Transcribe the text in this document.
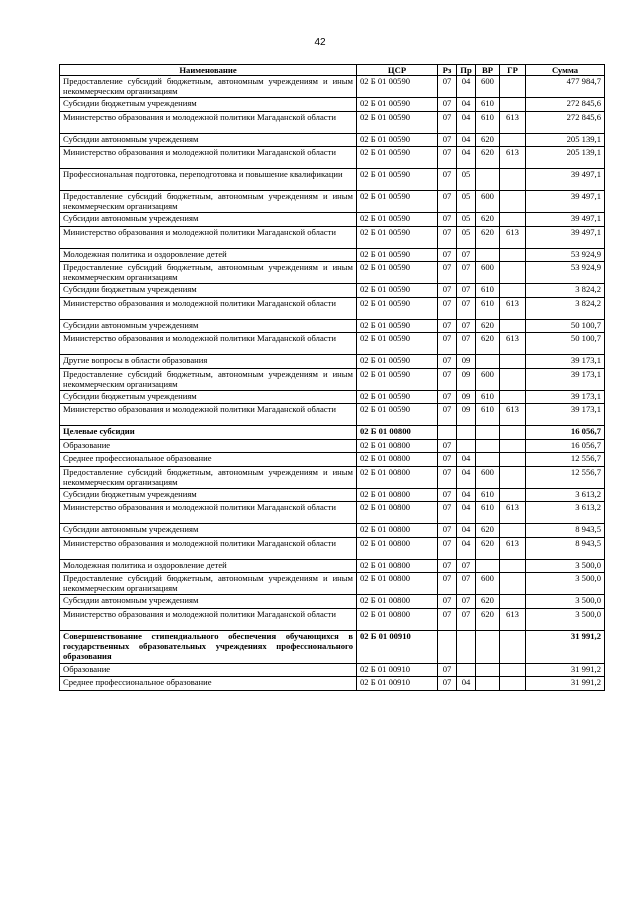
42
Наименование	ЦСР	Рз	Пр	ВР	ГР	Сумма
Предоставление субсидий бюджетным, автономным учреждениям и иным некоммерческим организациям	02 Б 01 00590	07	04	600		477 984,7
Субсидии бюджетным учреждениям	02 Б 01 00590	07	04	610		272 845,6
Министерство образования и молодежной политики Магаданской области	02 Б 01 00590	07	04	610	613	272 845,6
Субсидии автономным учреждениям	02 Б 01 00590	07	04	620		205 139,1
Министерство образования и молодежной политики Магаданской области	02 Б 01 00590	07	04	620	613	205 139,1
Профессиональная подготовка, переподготовка и повышение квалификации	02 Б 01 00590	07	05			39 497,1
Предоставление субсидий бюджетным, автономным учреждениям и иным некоммерческим организациям	02 Б 01 00590	07	05	600		39 497,1
Субсидии автономным учреждениям	02 Б 01 00590	07	05	620		39 497,1
Министерство образования и молодежной политики Магаданской области	02 Б 01 00590	07	05	620	613	39 497,1
Молодежная политика и оздоровление детей	02 Б 01 00590	07	07			53 924,9
Предоставление субсидий бюджетным, автономным учреждениям и иным некоммерческим организациям	02 Б 01 00590	07	07	600		53 924,9
Субсидии бюджетным учреждениям	02 Б 01 00590	07	07	610		3 824,2
Министерство образования и молодежной политики Магаданской области	02 Б 01 00590	07	07	610	613	3 824,2
Субсидии автономным учреждениям	02 Б 01 00590	07	07	620		50 100,7
Министерство образования и молодежной политики Магаданской области	02 Б 01 00590	07	07	620	613	50 100,7
Другие вопросы в области образования	02 Б 01 00590	07	09			39 173,1
Предоставление субсидий бюджетным, автономным учреждениям и иным некоммерческим организациям	02 Б 01 00590	07	09	600		39 173,1
Субсидии бюджетным учреждениям	02 Б 01 00590	07	09	610		39 173,1
Министерство образования и молодежной политики Магаданской области	02 Б 01 00590	07	09	610	613	39 173,1
Целевые субсидии	02 Б 01 00800					16 056,7
Образование	02 Б 01 00800	07				16 056,7
Среднее профессиональнoе образование	02 Б 01 00800	07	04			12 556,7
Предоставление субсидий бюджетным, автономным учреждениям и иным некоммерческим организациям	02 Б 01 00800	07	04	600		12 556,7
Субсидии бюджетным учреждениям	02 Б 01 00800	07	04	610		3 613,2
Министерство образования и молодежной политики Магаданской области	02 Б 01 00800	07	04	610	613	3 613,2
Субсидии автономным учреждениям	02 Б 01 00800	07	04	620		8 943,5
Министерство образования и молодежной политики Магаданской области	02 Б 01 00800	07	04	620	613	8 943,5
Молодежная политика и оздоровление детей	02 Б 01 00800	07	07			3 500,0
Предоставление субсидий бюджетным, автономным учреждениям и иным некоммерческим организациям	02 Б 01 00800	07	07	600		3 500,0
Субсидии автономным учреждениям	02 Б 01 00800	07	07	620		3 500,0
Министерство образования и молодежной политики Магаданской области	02 Б 01 00800	07	07	620	613	3 500,0
Совершенствование стипендиального обеспечения обучающихся в государственных образовательных учреждениях профессионального образования	02 Б 01 00910					31 991,2
Образование	02 Б 01 00910	07				31 991,2
Среднее профессиональнoе образование	02 Б 01 00910	07	04			31 991,2
